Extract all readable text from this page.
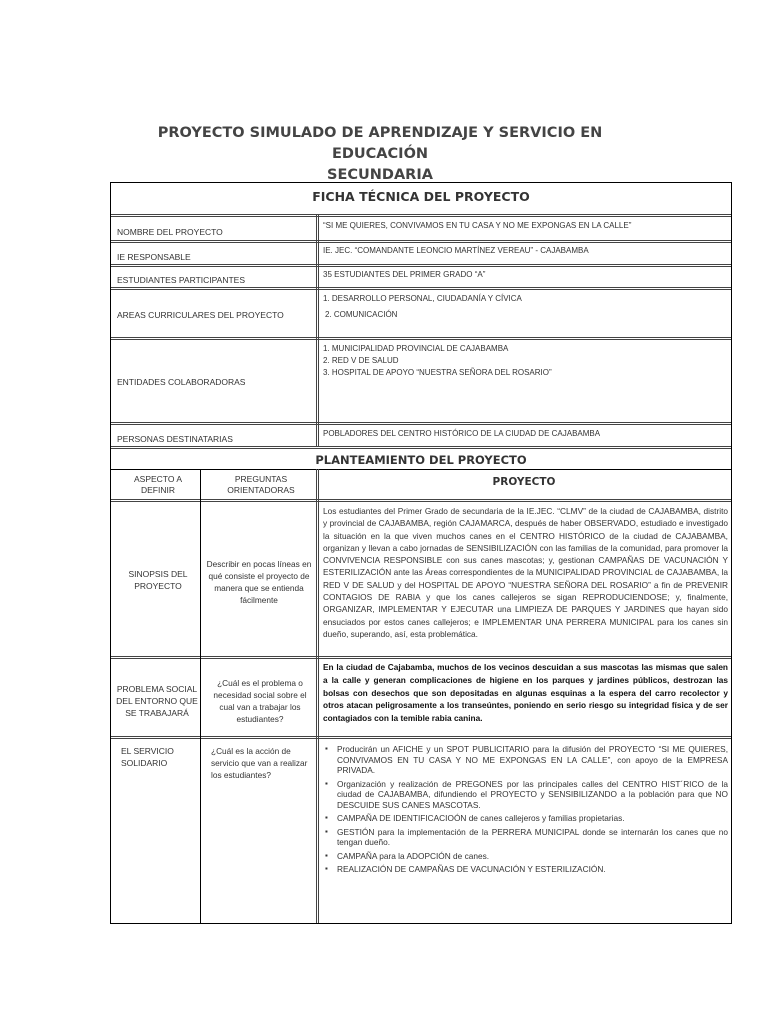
PROYECTO SIMULADO DE APRENDIZAJE Y SERVICIO EN EDUCACIÓN
SECUNDARIA
FICHA TÉCNICA DEL PROYECTO
NOMBRE DEL PROYECTO
“SI ME QUIERES, CONVIVAMOS EN TU CASA Y NO ME EXPONGAS EN LA CALLE”
IE RESPONSABLE
IE. JEC. “COMANDANTE LEONCIO MARTÍNEZ VEREAU” - CAJABAMBA
ESTUDIANTES PARTICIPANTES
35 ESTUDIANTES DEL PRIMER GRADO “A”
AREAS CURRICULARES DEL PROYECTO
1. DESARROLLO PERSONAL, CIUDADANÍA Y CÍVICA
2. COMUNICACIÓN
ENTIDADES COLABORADORAS
1. MUNICIPALIDAD PROVINCIAL DE CAJABAMBA
2. RED V DE SALUD
3. HOSPITAL DE APOYO “NUESTRA SEÑORA DEL ROSARIO”
PERSONAS DESTINATARIAS
POBLADORES DEL CENTRO HISTÓRICO DE LA CIUDAD DE CAJABAMBA
PLANTEAMIENTO DEL PROYECTO
ASPECTO A DEFINIR
PREGUNTAS ORIENTADORAS
PROYECTO
SINOPSIS DEL PROYECTO
Describir en pocas líneas en qué consiste el proyecto de manera que se entienda fácilmente
Los estudiantes del Primer Grado de secundaria de la IE.JEC. “CLMV” de la ciudad de CAJABAMBA, distrito y provincial de CAJABAMBA, región CAJAMARCA, después de haber OBSERVADO, estudiado e investigado la situación en la que viven muchos canes en el CENTRO HISTÓRICO de la ciudad de CAJABAMBA, organizan y llevan a cabo jornadas de SENSIBILIZACIÓN con las familias de la comunidad, para promover la CONVIVENCIA RESPONSIBLE con sus canes mascotas; y, gestionan CAMPAÑAS DE VACUNACIÓN Y ESTERILIZACIÓN ante las Áreas correspondientes de la MUNICIPALIDAD PROVINCIAL de CAJABAMBA, la RED V DE SALUD y del HOSPITAL DE APOYO “NUESTRA SEÑORA DEL ROSARIO” a fin de PREVENIR CONTAGIOS DE RABIA y que los canes callejeros se sigan REPRODUCIENDOSE; y, finalmente, ORGANIZAR, IMPLEMENTAR Y EJECUTAR una LIMPIEZA DE PARQUES Y JARDINES que hayan sido ensuciados por estos canes callejeros; e IMPLEMENTAR UNA PERRERA MUNICIPAL para los canes sin dueño, superando, así, esta problemática.
PROBLEMA SOCIAL DEL ENTORNO QUE SE TRABAJARÁ
¿Cuál es el problema o necesidad social sobre el cual van a trabajar los estudiantes?
En la ciudad de Cajabamba, muchos de los vecinos descuidan a sus mascotas las mismas que salen a la calle y generan complicaciones de higiene en los parques y jardines públicos, destrozan las bolsas con desechos que son depositadas en algunas esquinas a la espera del carro recolector y otros atacan peligrosamente a los transeúntes, poniendo en serio riesgo su integridad física y de ser contagiados con la temible rabia canina.
EL SERVICIO SOLIDARIO
¿Cuál es la acción de servicio que van a realizar los estudiantes?
▪ Producirán un AFICHE y un SPOT PUBLICITARIO para la difusión del PROYECTO “SI ME QUIERES, CONVIVAMOS EN TU CASA Y NO ME EXPONGAS EN LA CALLE”, con apoyo de la EMPRESA PRIVADA.
▪ Organización y realización de PREGONES por las principales calles del CENTRO HIST´RICO de la ciudad de CAJABAMBA, difundiendo el PROYECTO y SENSIBILIZANDO a la población para que NO DESCUIDE SUS CANES MASCOTAS.
▪ CAMPAÑA DE IDENTIFICACIOÓN de canes callejeros y familias propietarias.
▪ GESTIÓN para la implementación de la PERRERA MUNICIPAL donde se internarán los canes que no tengan dueño.
▪ CAMPAÑA para la ADOPCIÓN de canes.
▪ REALIZACIÓN DE CAMPAÑAS DE VACUNACIÓN Y ESTERILIZACIÓN.
